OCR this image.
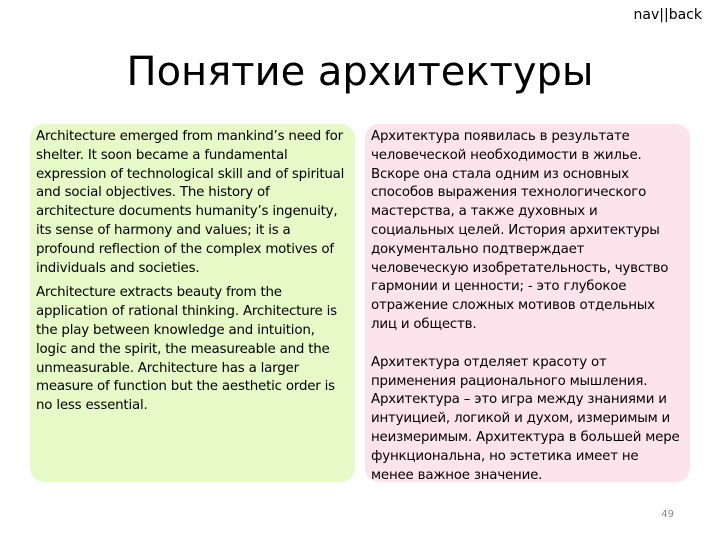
nav||back
Понятие архитектуры

Architecture emerged from mankind’s need for shelter. It soon became a fundamental expression of technological skill and of spiritual and social objectives. The history of architecture documents humanity’s ingenuity, its sense of harmony and values; it is a profound reflection of the complex motives of individuals and societies.

Architecture extracts beauty from the application of rational thinking. Architecture is the play between knowledge and intuition, logic and the spirit, the measureable and the unmeasurable. Architecture has a larger measure of function but the aesthetic order is no less essential.

Архитектура появилась в результате человеческой необходимости в жилье. Вскоре она стала одним из основных способов выражения технологического мастерства, а также духовных и социальных целей. История архитектуры документально подтверждает человеческую изобретательность, чувство гармонии и ценности; - это глубокое отражение сложных мотивов отдельных лиц и обществ.

Архитектура отделяет красоту от применения рационального мышления. Архитектура – это игра между знаниями и интуицией, логикой и духом, измеримым и неизмеримым. Архитектура в большей мере функциональна, но эстетика имеет не менее важное значение.

49
